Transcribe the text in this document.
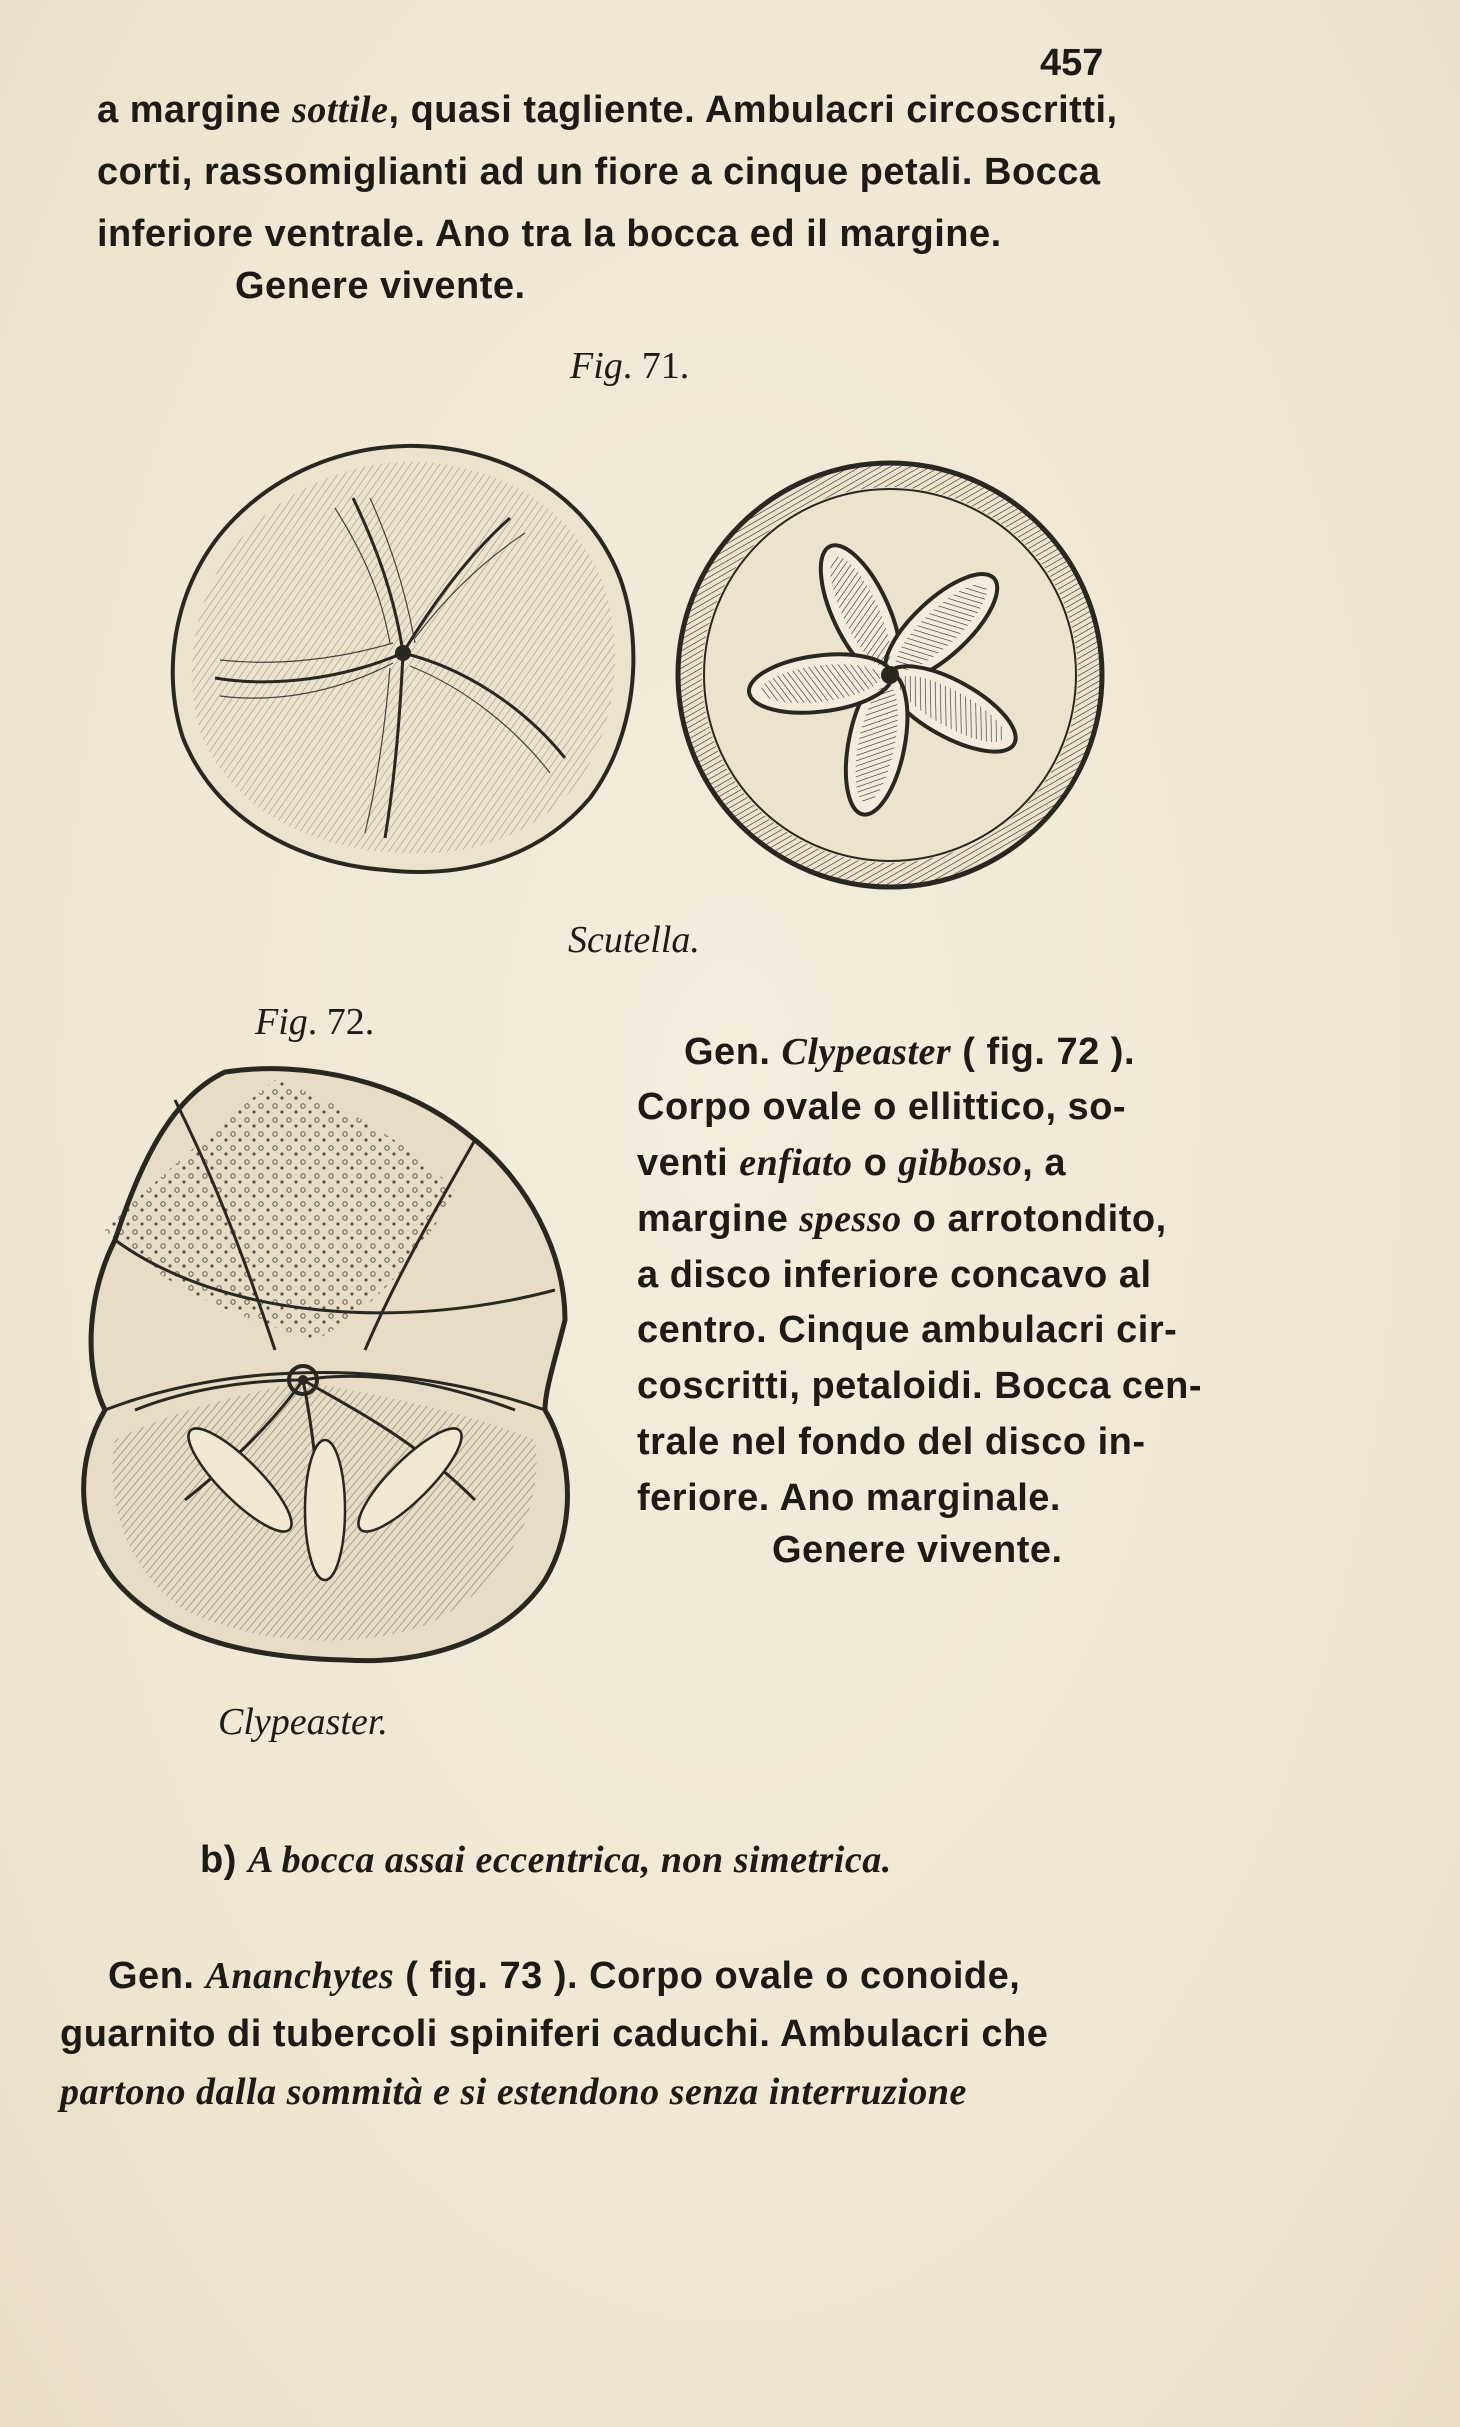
457
a margine sottile, quasi tagliente. Ambulacri circoscritti,
corti, rassomiglianti ad un fiore a cinque petali. Bocca
inferiore ventrale. Ano tra la bocca ed il margine.
Genere vivente.
Fig. 71.
Scutella.
Fig. 72.
Clypeaster.
Gen. Clypeaster ( fig. 72 ).
Corpo ovale o ellittico, so-
venti enfiato o gibboso, a
margine spesso o arrotondito,
a disco inferiore concavo al
centro. Cinque ambulacri cir-
coscritti, petaloidi. Bocca cen-
trale nel fondo del disco in-
feriore. Ano marginale.
Genere vivente.
b) A bocca assai eccentrica, non simetrica.
Gen. Ananchytes ( fig. 73 ). Corpo ovale o conoide,
guarnito di tubercoli spiniferi caduchi. Ambulacri che
partono dalla sommità e si estendono senza interruzione
